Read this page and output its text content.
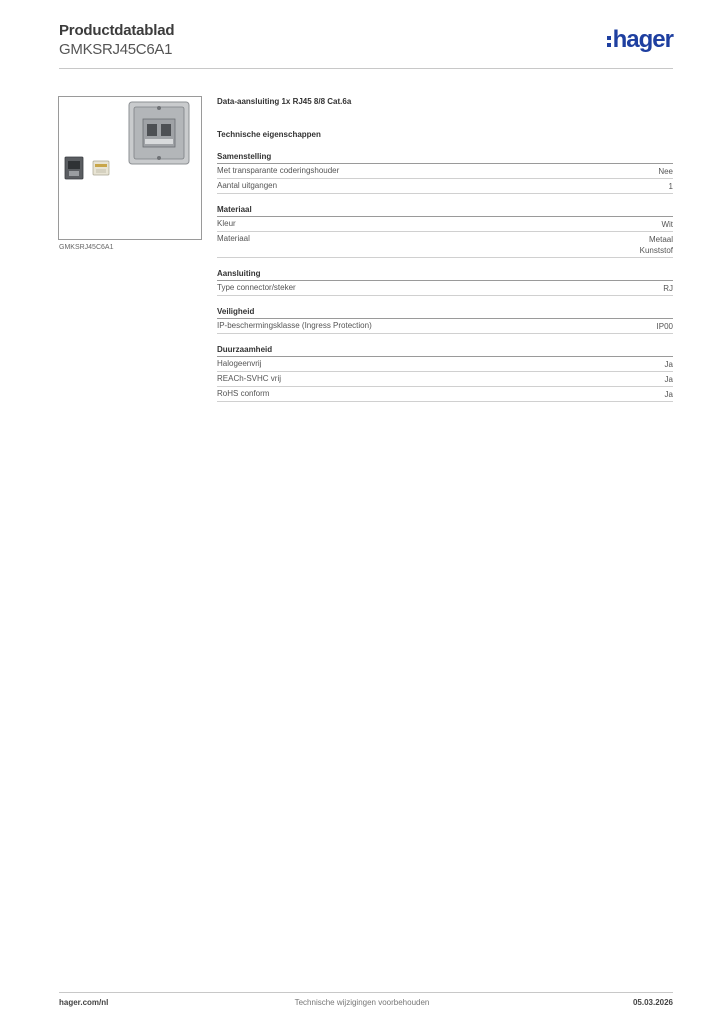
Productdatablad
GMKSRJ45C6A1	hager
GMKSRJ45C6A1
Data-aansluiting 1x RJ45 8/8 Cat.6a
Technische eigenschappen
Samenstelling
Met transparante coderingshouder	Nee
Aantal uitgangen	1
Materiaal
Kleur	Wit
Materiaal	Metaal
Kunststof
Aansluiting
Type connector/steker	RJ
Veiligheid
IP-beschermingsklasse (Ingress Protection)	IP00
Duurzaamheid
Halogeenvrij	Ja
REACh-SVHC vrij	Ja
RoHS conform	Ja
hager.com/nl	Technische wijzigingen voorbehouden	05.03.2026
